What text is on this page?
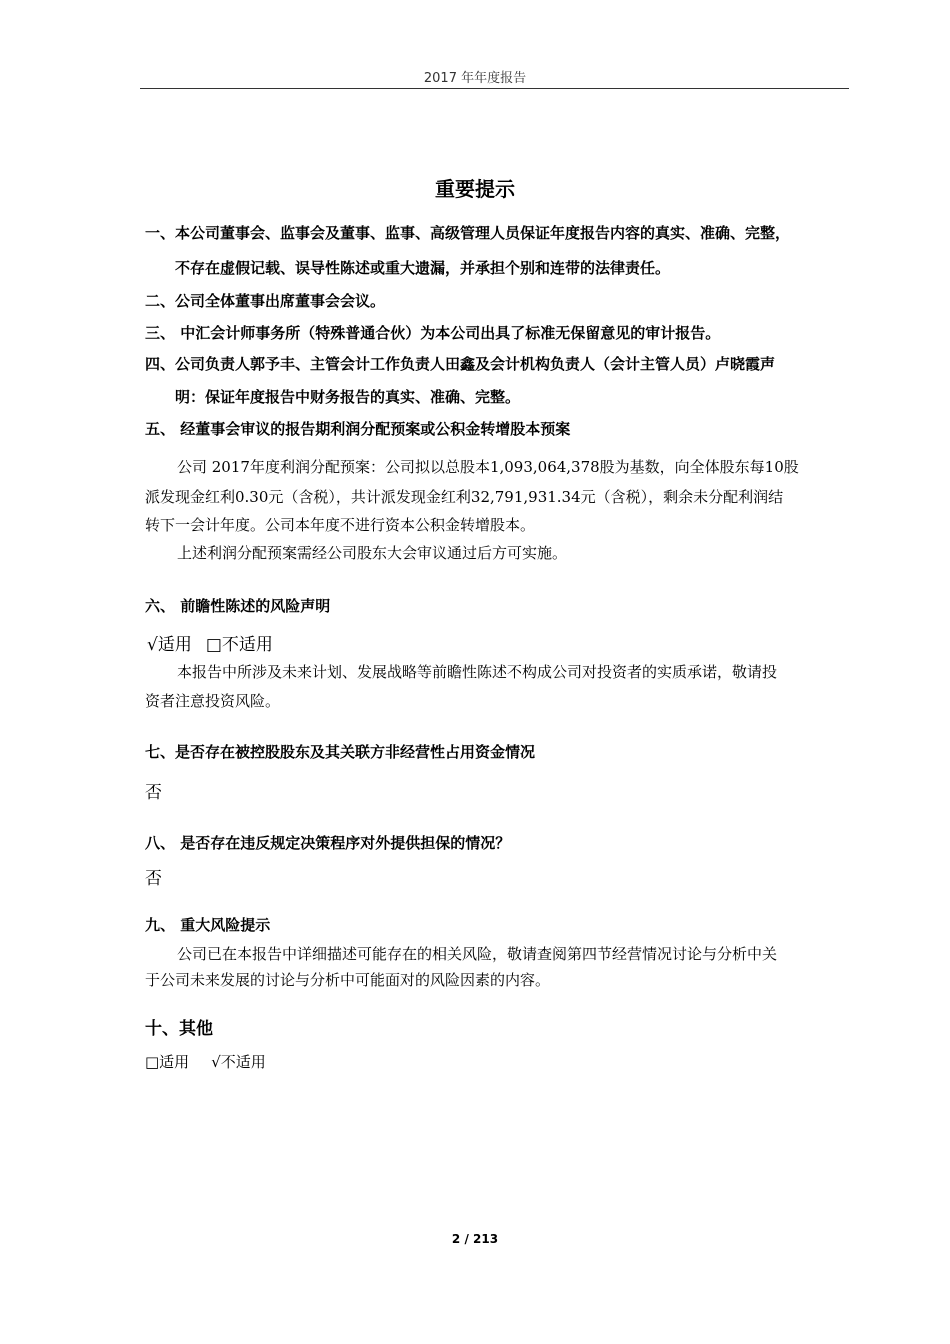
2017 年年度报告
重要提示
一、本公司董事会、监事会及董事、监事、高级管理人员保证年度报告内容的真实、准确、完整，
不存在虚假记载、误导性陈述或重大遗漏，并承担个别和连带的法律责任。
二、公司全体董事出席董事会会议。
三、 中汇会计师事务所（特殊普通合伙）为本公司出具了标准无保留意见的审计报告。
四、公司负责人郭予丰、主管会计工作负责人田鑫及会计机构负责人（会计主管人员）卢晓霞声
明：保证年度报告中财务报告的真实、准确、完整。
五、 经董事会审议的报告期利润分配预案或公积金转增股本预案
公司 2017年度利润分配预案：公司拟以总股本1,093,064,378股为基数，向全体股东每10股
派发现金红利0.30元（含税），共计派发现金红利32,791,931.34元（含税），剩余未分配利润结
转下一会计年度。公司本年度不进行资本公积金转增股本。
上述利润分配预案需经公司股东大会审议通过后方可实施。
六、 前瞻性陈述的风险声明
√适用 □不适用
本报告中所涉及未来计划、发展战略等前瞻性陈述不构成公司对投资者的实质承诺，敬请投
资者注意投资风险。
七、是否存在被控股股东及其关联方非经营性占用资金情况
否
八、 是否存在违反规定决策程序对外提供担保的情况？
否
九、 重大风险提示
公司已在本报告中详细描述可能存在的相关风险，敬请查阅第四节经营情况讨论与分析中关
于公司未来发展的讨论与分析中可能面对的风险因素的内容。
十、其他
□适用 √不适用
2 / 213
